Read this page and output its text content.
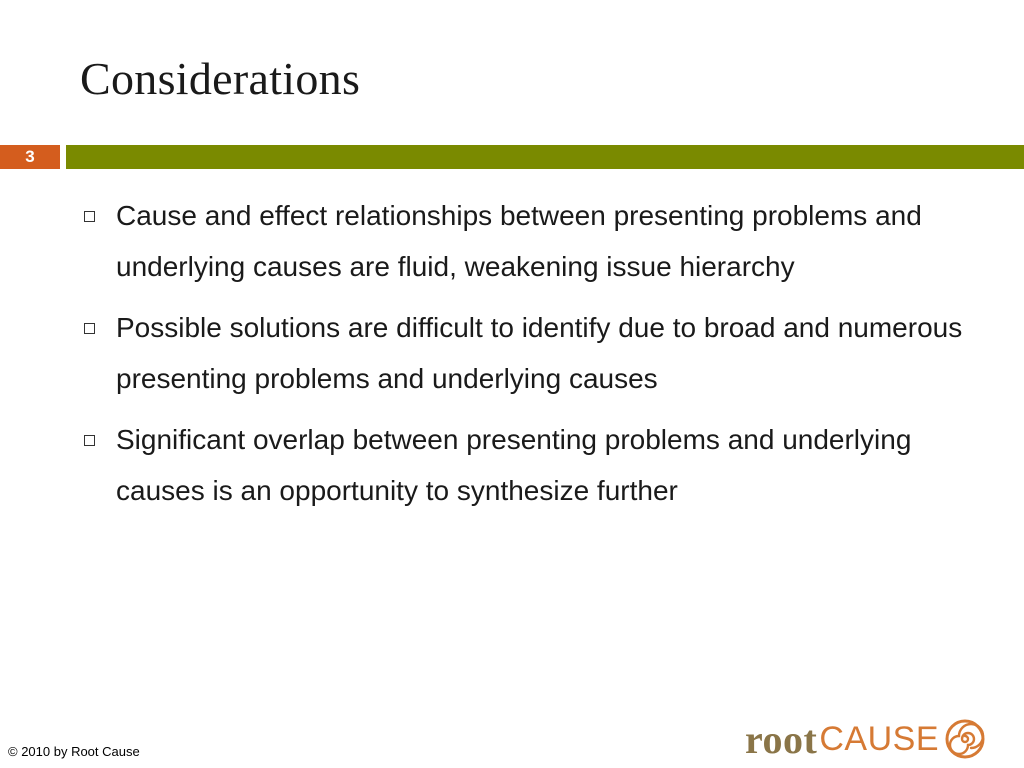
Considerations
3
Cause and effect relationships between presenting problems and underlying causes are fluid, weakening issue hierarchy
Possible solutions are difficult to identify due to broad and numerous presenting problems and underlying causes
Significant overlap between presenting problems and underlying causes is an opportunity to synthesize further
© 2010 by Root Cause	root CAUSE
